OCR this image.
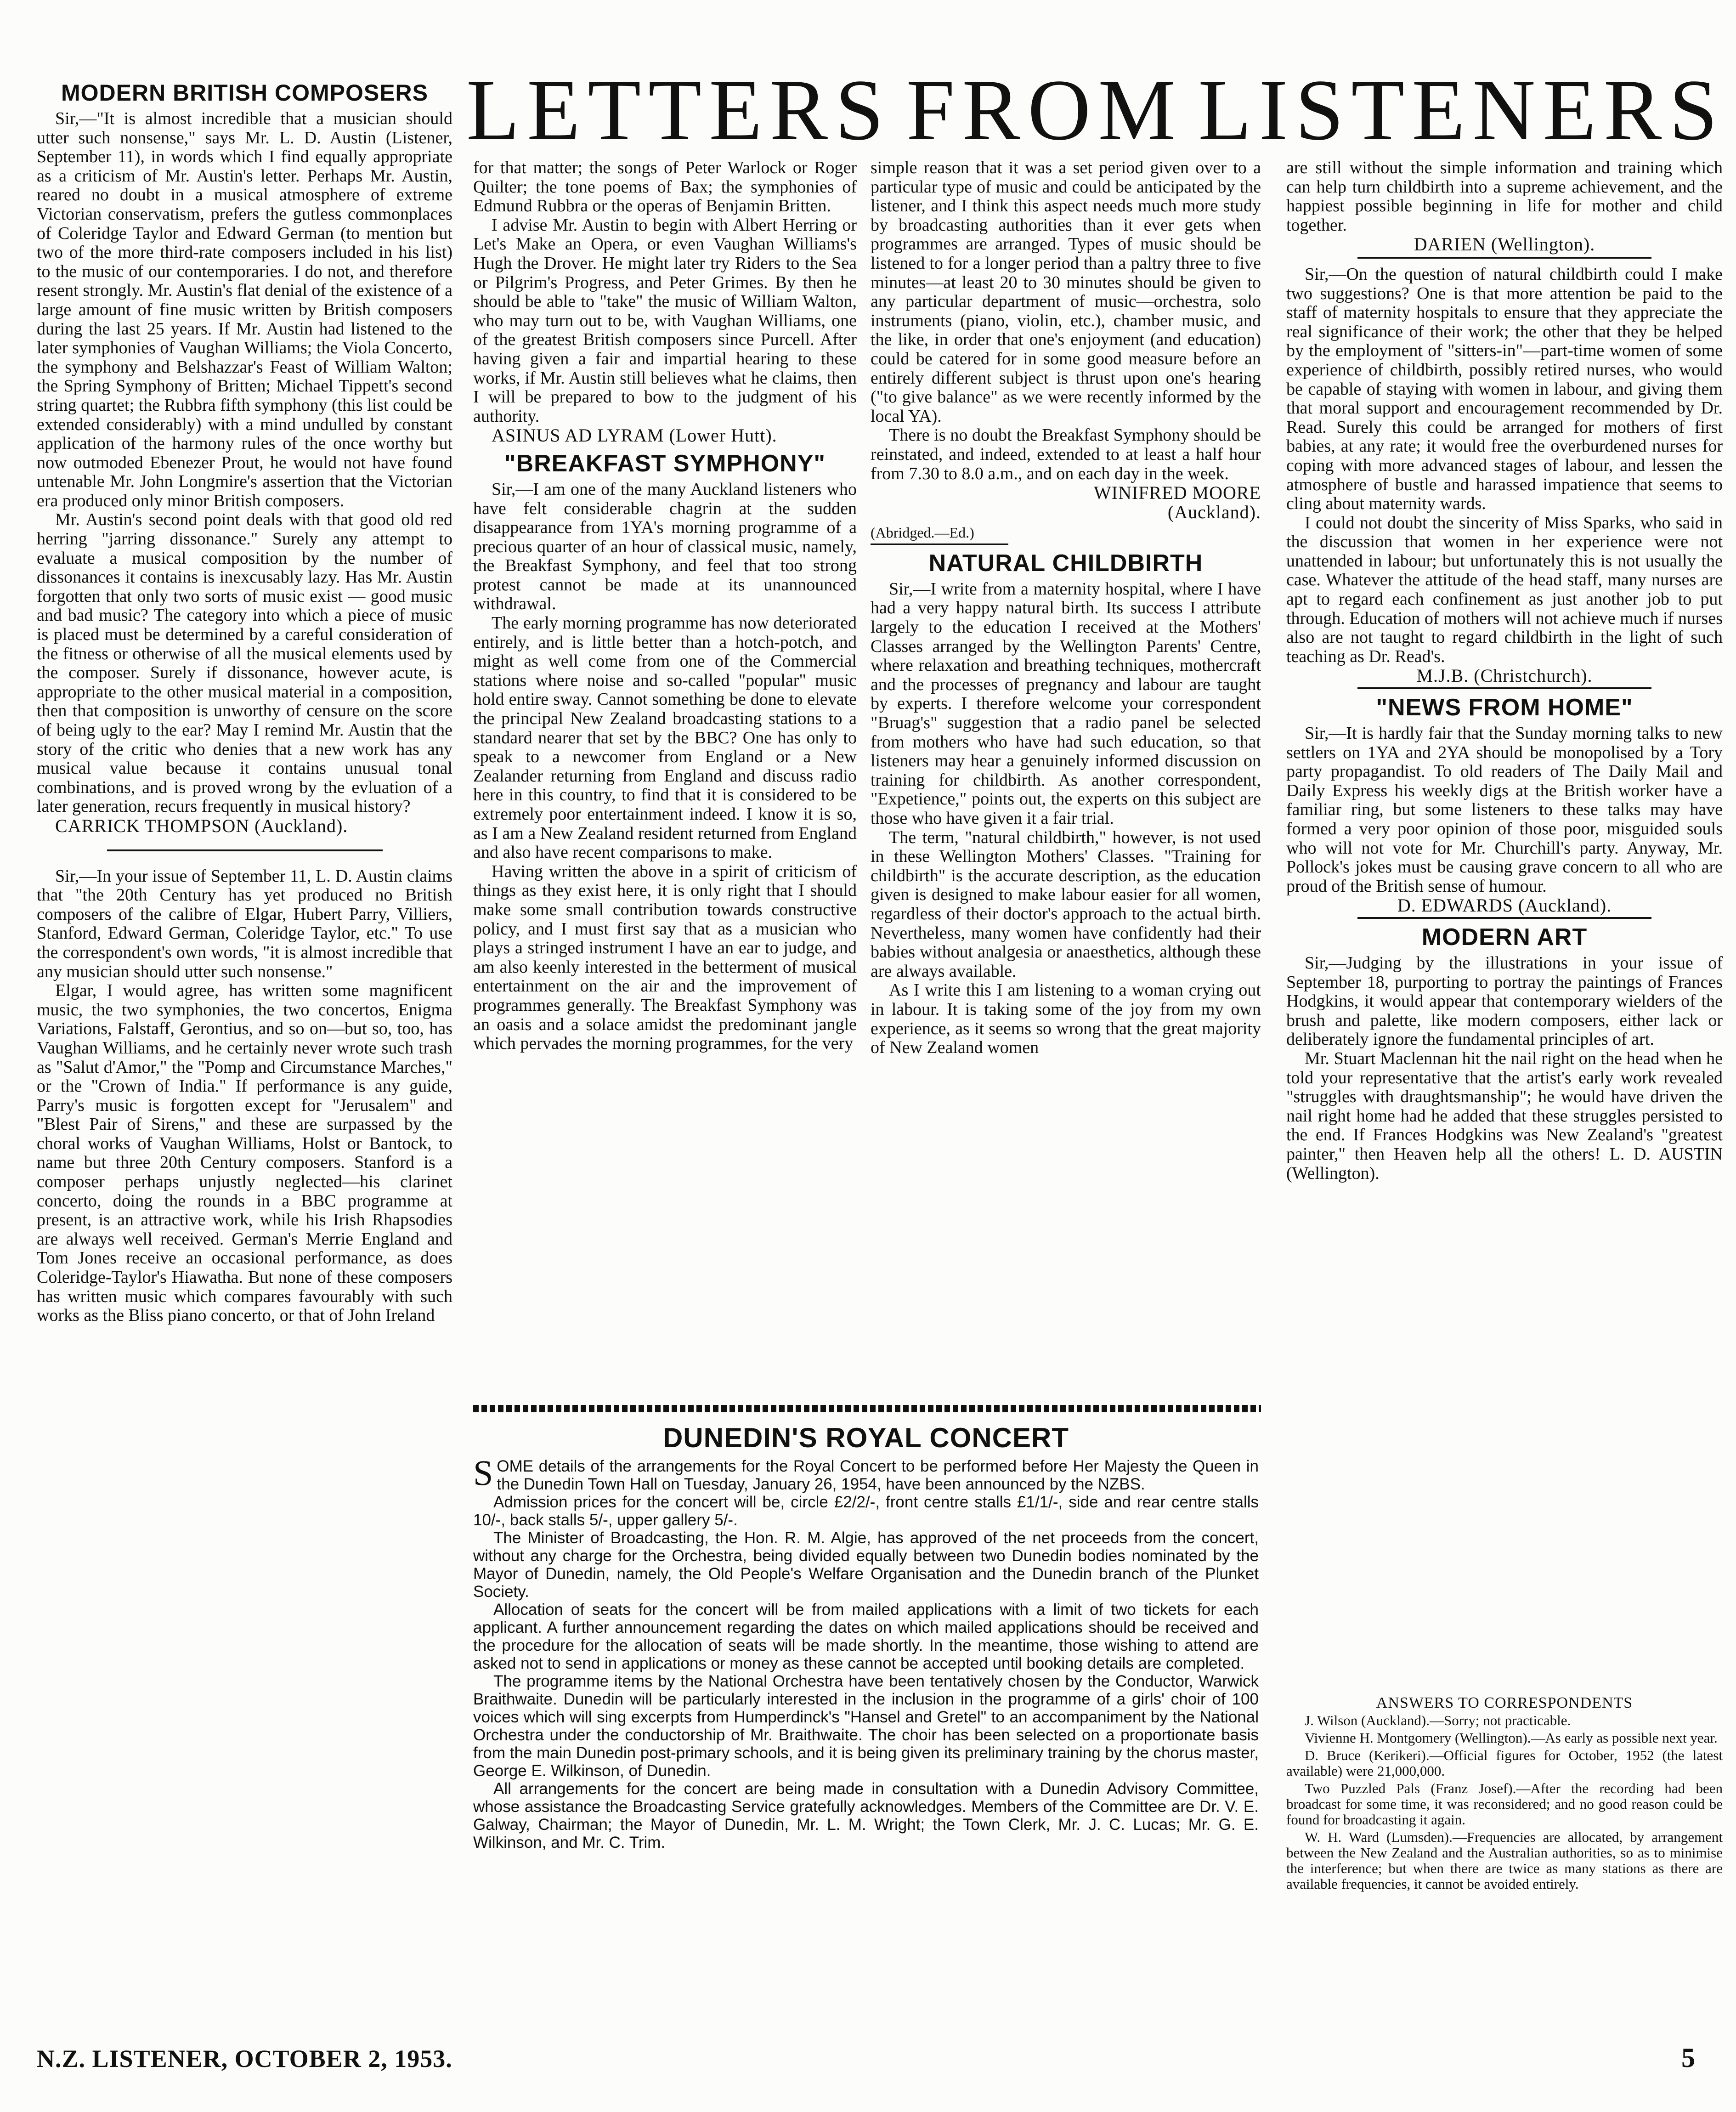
LETTERS FROM LISTENERS
MODERN BRITISH COMPOSERS

Sir,—"It is almost incredible that a musician should utter such nonsense," says Mr. L. D. Austin (Listener, September 11), in words which I find equally appropriate as a criticism of Mr. Austin's letter. Perhaps Mr. Austin, reared no doubt in a musical atmosphere of extreme Victorian conservatism, prefers the gutless commonplaces of Coleridge Taylor and Edward German (to mention but two of the more third-rate composers included in his list) to the music of our contemporaries. I do not, and therefore resent strongly. Mr. Austin's flat denial of the existence of a large amount of fine music written by British composers during the last 25 years. If Mr. Austin had listened to the later symphonies of Vaughan Williams; the Viola Concerto, the symphony and Belshazzar's Feast of William Walton; the Spring Symphony of Britten; Michael Tippett's second string quartet; the Rubbra fifth symphony (this list could be extended considerably) with a mind undulled by constant application of the harmony rules of the once worthy but now outmoded Ebenezer Prout, he would not have found untenable Mr. John Longmire's assertion that the Victorian era produced only minor British composers.

Mr. Austin's second point deals with that good old red herring "jarring dissonance." Surely any attempt to evaluate a musical composition by the number of dissonances it contains is inexcusably lazy. Has Mr. Austin forgotten that only two sorts of music exist — good music and bad music? The category into which a piece of music is placed must be determined by a careful consideration of the fitness or otherwise of all the musical elements used by the composer. Surely if dissonance, however acute, is appropriate to the other musical material in a composition, then that composition is unworthy of censure on the score of being ugly to the ear? May I remind Mr. Austin that the story of the critic who denies that a new work has any musical value because it contains unusual tonal combinations, and is proved wrong by the evluation of a later generation, recurs frequently in musical history?

CARRICK THOMPSON (Auckland).

Sir,—In your issue of September 11, L. D. Austin claims that "the 20th Century has yet produced no British composers of the calibre of Elgar, Hubert Parry, Villiers, Stanford, Edward German, Coleridge Taylor, etc." To use the correspondent's own words, "it is almost incredible that any musician should utter such nonsense."

Elgar, I would agree, has written some magnificent music, the two symphonies, the two concertos, Enigma Variations, Falstaff, Gerontius, and so on—but so, too, has Vaughan Williams, and he certainly never wrote such trash as "Salut d'Amor," the "Pomp and Circumstance Marches," or the "Crown of India." If performance is any guide, Parry's music is forgotten except for "Jerusalem" and "Blest Pair of Sirens," and these are surpassed by the choral works of Vaughan Williams, Holst or Bantock, to name but three 20th Century composers. Stanford is a composer perhaps unjustly neglected—his clarinet concerto, doing the rounds in a BBC programme at present, is an attractive work, while his Irish Rhapsodies are always well received. German's Merrie England and Tom Jones receive an occasional performance, as does Coleridge-Taylor's Hiawatha. But none of these composers has written music which compares favourably with such works as the Bliss piano concerto, or that of John Ireland

for that matter; the songs of Peter Warlock or Roger Quilter; the tone poems of Bax; the symphonies of Edmund Rubbra or the operas of Benjamin Britten.

I advise Mr. Austin to begin with Albert Herring or Let's Make an Opera, or even Vaughan Williams's Hugh the Drover. He might later try Riders to the Sea or Pilgrim's Progress, and Peter Grimes. By then he should be able to "take" the music of William Walton, who may turn out to be, with Vaughan Williams, one of the greatest British composers since Purcell. After having given a fair and impartial hearing to these works, if Mr. Austin still believes what he claims, then I will be prepared to bow to the judgment of his authority.

ASINUS AD LYRAM (Lower Hutt).

"BREAKFAST SYMPHONY"

Sir,—I am one of the many Auckland listeners who have felt considerable chagrin at the sudden disappearance from 1YA's morning programme of a precious quarter of an hour of classical music, namely, the Breakfast Symphony, and feel that too strong protest cannot be made at its unannounced withdrawal.

The early morning programme has now deteriorated entirely, and is little better than a hotch-potch, and might as well come from one of the Commercial stations where noise and so-called "popular" music hold entire sway. Cannot something be done to elevate the principal New Zealand broadcasting stations to a standard nearer that set by the BBC? One has only to speak to a newcomer from England or a New Zealander returning from England and discuss radio here in this country, to find that it is considered to be extremely poor entertainment indeed. I know it is so, as I am a New Zealand resident returned from England and also have recent comparisons to make.

Having written the above in a spirit of criticism of things as they exist here, it is only right that I should make some small contribution towards constructive policy, and I must first say that as a musician who plays a stringed instrument I have an ear to judge, and am also keenly interested in the betterment of musical entertainment on the air and the improvement of programmes generally. The Breakfast Symphony was an oasis and a solace amidst the predominant jangle which pervades the morning programmes, for the very

simple reason that it was a set period given over to a particular type of music and could be anticipated by the listener, and I think this aspect needs much more study by broadcasting authorities than it ever gets when programmes are arranged. Types of music should be listened to for a longer period than a paltry three to five minutes—at least 20 to 30 minutes should be given to any particular department of music—orchestra, solo instruments (piano, violin, etc.), chamber music, and the like, in order that one's enjoyment (and education) could be catered for in some good measure before an entirely different subject is thrust upon one's hearing ("to give balance" as we were recently informed by the local YA).

There is no doubt the Breakfast Symphony should be reinstated, and indeed, extended to at least a half hour from 7.30 to 8.0 a.m., and on each day in the week.

WINIFRED MOORE

(Auckland).

(Abridged.—Ed.)

NATURAL CHILDBIRTH

Sir,—I write from a maternity hospital, where I have had a very happy natural birth. Its success I attribute largely to the education I received at the Mothers' Classes arranged by the Wellington Parents' Centre, where relaxation and breathing techniques, mothercraft and the processes of pregnancy and labour are taught by experts. I therefore welcome your correspondent "Bruag's" suggestion that a radio panel be selected from mothers who have had such education, so that listeners may hear a genuinely informed discussion on training for childbirth. As another correspondent, "Expetience," points out, the experts on this subject are those who have given it a fair trial.

The term, "natural childbirth," however, is not used in these Wellington Mothers' Classes. "Training for childbirth" is the accurate description, as the education given is designed to make labour easier for all women, regardless of their doctor's approach to the actual birth. Nevertheless, many women have confidently had their babies without analgesia or anaesthetics, although these are always available.

As I write this I am listening to a woman crying out in labour. It is taking some of the joy from my own experience, as it seems so wrong that the great majority of New Zealand women

are still without the simple information and training which can help turn childbirth into a supreme achievement, and the happiest possible beginning in life for mother and child together.

DARIEN (Wellington).

Sir,—On the question of natural childbirth could I make two suggestions? One is that more attention be paid to the staff of maternity hospitals to ensure that they appreciate the real significance of their work; the other that they be helped by the employment of "sitters-in"—part-time women of some experience of childbirth, possibly retired nurses, who would be capable of staying with women in labour, and giving them that moral support and encouragement recommended by Dr. Read. Surely this could be arranged for mothers of first babies, at any rate; it would free the overburdened nurses for coping with more advanced stages of labour, and lessen the atmosphere of bustle and harassed impatience that seems to cling about maternity wards.

I could not doubt the sincerity of Miss Sparks, who said in the discussion that women in her experience were not unattended in labour; but unfortunately this is not usually the case. Whatever the attitude of the head staff, many nurses are apt to regard each confinement as just another job to put through. Education of mothers will not achieve much if nurses also are not taught to regard childbirth in the light of such teaching as Dr. Read's.

M.J.B. (Christchurch).

"NEWS FROM HOME"

Sir,—It is hardly fair that the Sunday morning talks to new settlers on 1YA and 2YA should be monopolised by a Tory party propagandist. To old readers of The Daily Mail and Daily Express his weekly digs at the British worker have a familiar ring, but some listeners to these talks may have formed a very poor opinion of those poor, misguided souls who will not vote for Mr. Churchill's party. Anyway, Mr. Pollock's jokes must be causing grave concern to all who are proud of the British sense of humour.

D. EDWARDS (Auckland).

MODERN ART

Sir,—Judging by the illustrations in your issue of September 18, purporting to portray the paintings of Frances Hodgkins, it would appear that contemporary wielders of the brush and palette, like modern composers, either lack or deliberately ignore the fundamental principles of art.

Mr. Stuart Maclennan hit the nail right on the head when he told your representative that the artist's early work revealed "struggles with draughtsmanship"; he would have driven the nail right home had he added that these struggles persisted to the end. If Frances Hodgkins was New Zealand's "greatest painter," then Heaven help all the others! L. D. AUSTIN (Wellington).

DUNEDIN'S ROYAL CONCERT

SOME details of the arrangements for the Royal Concert to be performed before Her Majesty the Queen in the Dunedin Town Hall on Tuesday, January 26, 1954, have been announced by the NZBS.

Admission prices for the concert will be, circle £2/2/-, front centre stalls £1/1/-, side and rear centre stalls 10/-, back stalls 5/-, upper gallery 5/-.

The Minister of Broadcasting, the Hon. R. M. Algie, has approved of the net proceeds from the concert, without any charge for the Orchestra, being divided equally between two Dunedin bodies nominated by the Mayor of Dunedin, namely, the Old People's Welfare Organisation and the Dunedin branch of the Plunket Society.

Allocation of seats for the concert will be from mailed applications with a limit of two tickets for each applicant. A further announcement regarding the dates on which mailed applications should be received and the procedure for the allocation of seats will be made shortly. In the meantime, those wishing to attend are asked not to send in applications or money as these cannot be accepted until booking details are completed.

The programme items by the National Orchestra have been tentatively chosen by the Conductor, Warwick Braithwaite. Dunedin will be particularly interested in the inclusion in the programme of a girls' choir of 100 voices which will sing excerpts from Humperdinck's "Hansel and Gretel" to an accompaniment by the National Orchestra under the conductorship of Mr. Braithwaite. The choir has been selected on a proportionate basis from the main Dunedin post-primary schools, and it is being given its preliminary training by the chorus master, George E. Wilkinson, of Dunedin.

All arrangements for the concert are being made in consultation with a Dunedin Advisory Committee, whose assistance the Broadcasting Service gratefully acknowledges. Members of the Committee are Dr. V. E. Galway, Chairman; the Mayor of Dunedin, Mr. L. M. Wright; the Town Clerk, Mr. J. C. Lucas; Mr. G. E. Wilkinson, and Mr. C. Trim.

ANSWERS TO CORRESPONDENTS

J. Wilson (Auckland).—Sorry; not practicable.

Vivienne H. Montgomery (Wellington).—As early as possible next year.

D. Bruce (Kerikeri).—Official figures for October, 1952 (the latest available) were 21,000,000.

Two Puzzled Pals (Franz Josef).—After the recording had been broadcast for some time, it was reconsidered; and no good reason could be found for broadcasting it again.

W. H. Ward (Lumsden).—Frequencies are allocated, by arrangement between the New Zealand and the Australian authorities, so as to minimise the interference; but when there are twice as many stations as there are available frequencies, it cannot be avoided entirely.

N.Z. LISTENER, OCTOBER 2, 1953.	5
